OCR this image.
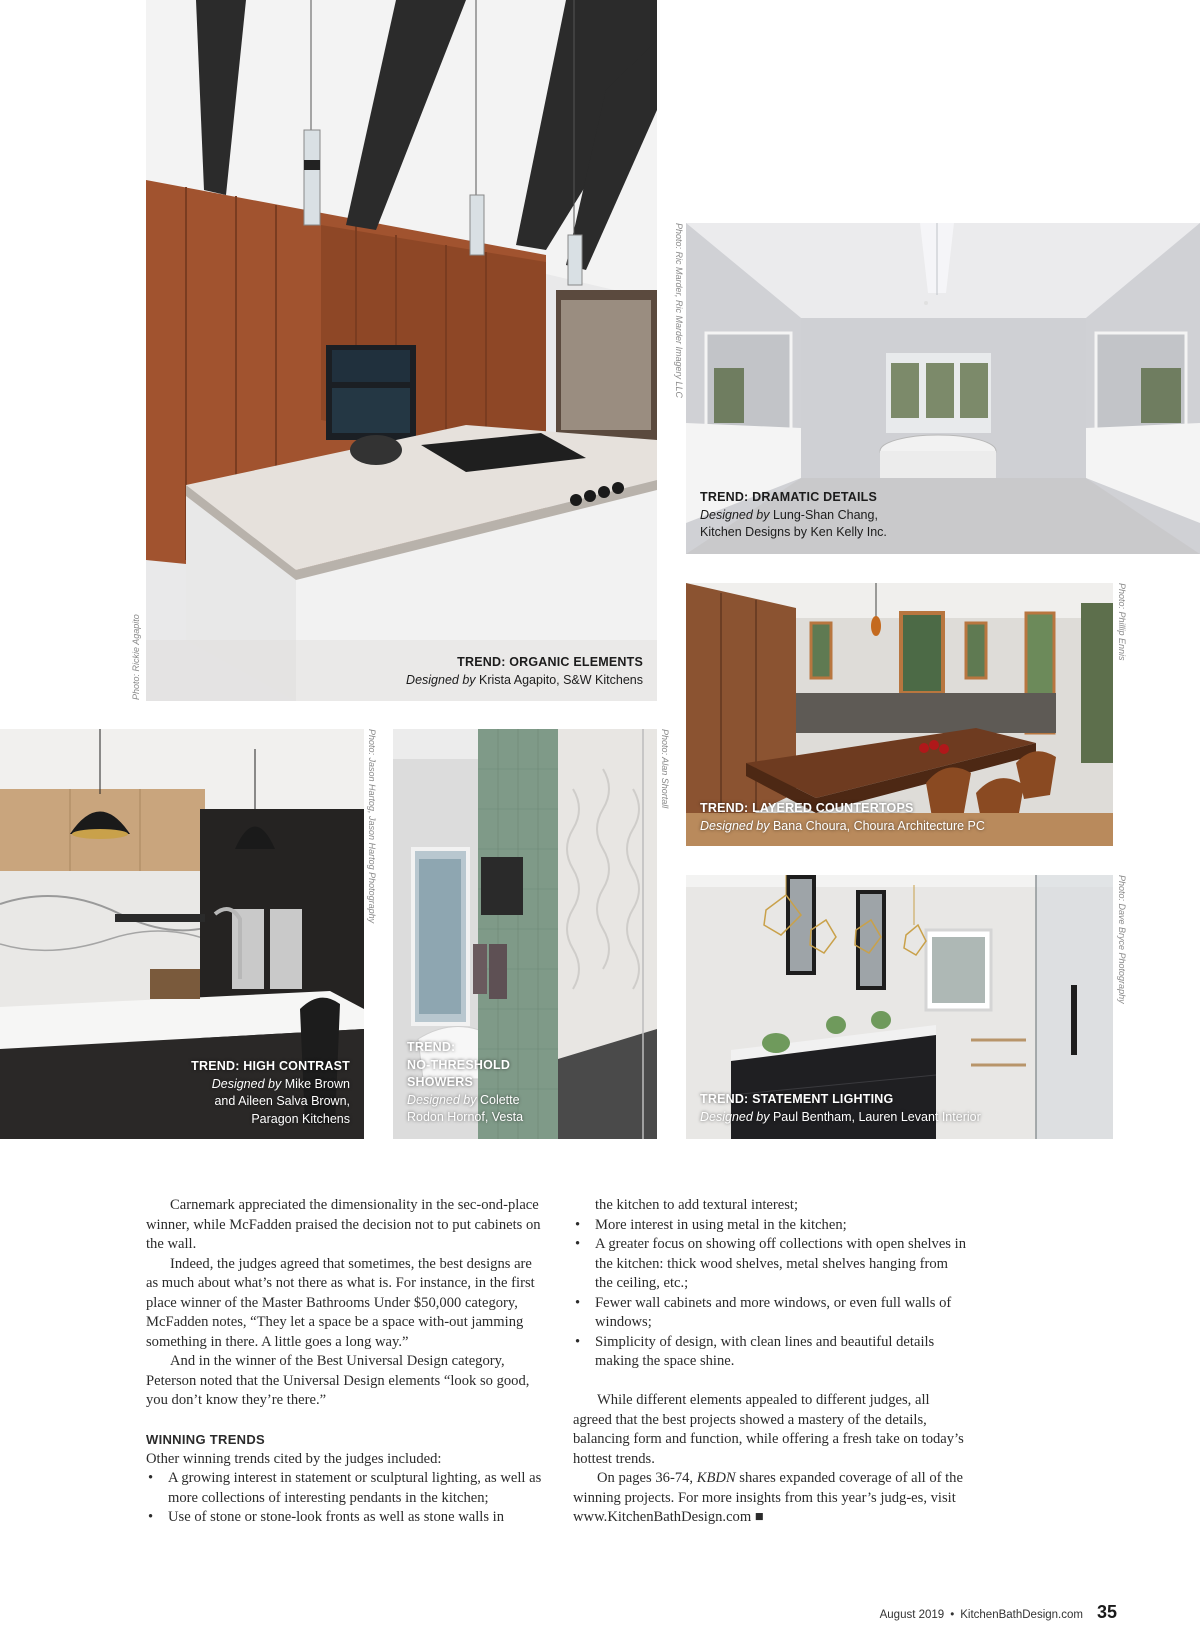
TREND: ORGANIC ELEMENTS
Designed by Krista Agapito, S&W Kitchens
TREND: DRAMATIC DETAILS
Designed by Lung-Shan Chang,
Kitchen Designs by Ken Kelly Inc.
TREND: LAYERED COUNTERTOPS
Designed by Bana Choura, Choura Architecture PC
TREND: HIGH CONTRAST
Designed by Mike Brown
and Aileen Salva Brown,
Paragon Kitchens
TREND:
NO-THRESHOLD
SHOWERS
Designed by Colette
Rodon Hornof, Vesta
TREND: STATEMENT LIGHTING
Designed by Paul Bentham, Lauren Levant Interior
Photo: Rickie Agapito
Photo: Ric Marder, Ric Marder Imagery LLC
Photo: Phillip Ennis
Photo: Jason Hartog, Jason Hartog Photography	Photo: Alan Shortall
Photo: Dave Bryce Photography

Carnemark appreciated the dimensionality in the sec-ond-place winner, while McFadden praised the decision not to put cabinets on the wall.

Indeed, the judges agreed that sometimes, the best designs are as much about what’s not there as what is. For instance, in the first place winner of the Master Bathrooms Under $50,000 category, McFadden notes, “They let a space be a space with-out jamming something in there. A little goes a long way.”

And in the winner of the Best Universal Design category, Peterson noted that the Universal Design elements “look so good, you don’t know they’re there.”

WINNING TRENDS

Other winning trends cited by the judges included:

• A growing interest in statement or sculptural lighting, as well as more collections of interesting pendants in the kitchen;
• Use of stone or stone-look fronts as well as stone walls in

the kitchen to add textural interest;

• More interest in using metal in the kitchen;
• A greater focus on showing off collections with open shelves in the kitchen: thick wood shelves, metal shelves hanging from the ceiling, etc.;
• Fewer wall cabinets and more windows, or even full walls of windows;
• Simplicity of design, with clean lines and beautiful details making the space shine.

While different elements appealed to different judges, all agreed that the best projects showed a mastery of the details, balancing form and function, while offering a fresh take on today’s hottest trends.

On pages 36-74, KBDN shares expanded coverage of all of the winning projects. For more insights from this year’s judg-es, visit www.KitchenBathDesign.com ■

August 2019 • KitchenBathDesign.com 35
